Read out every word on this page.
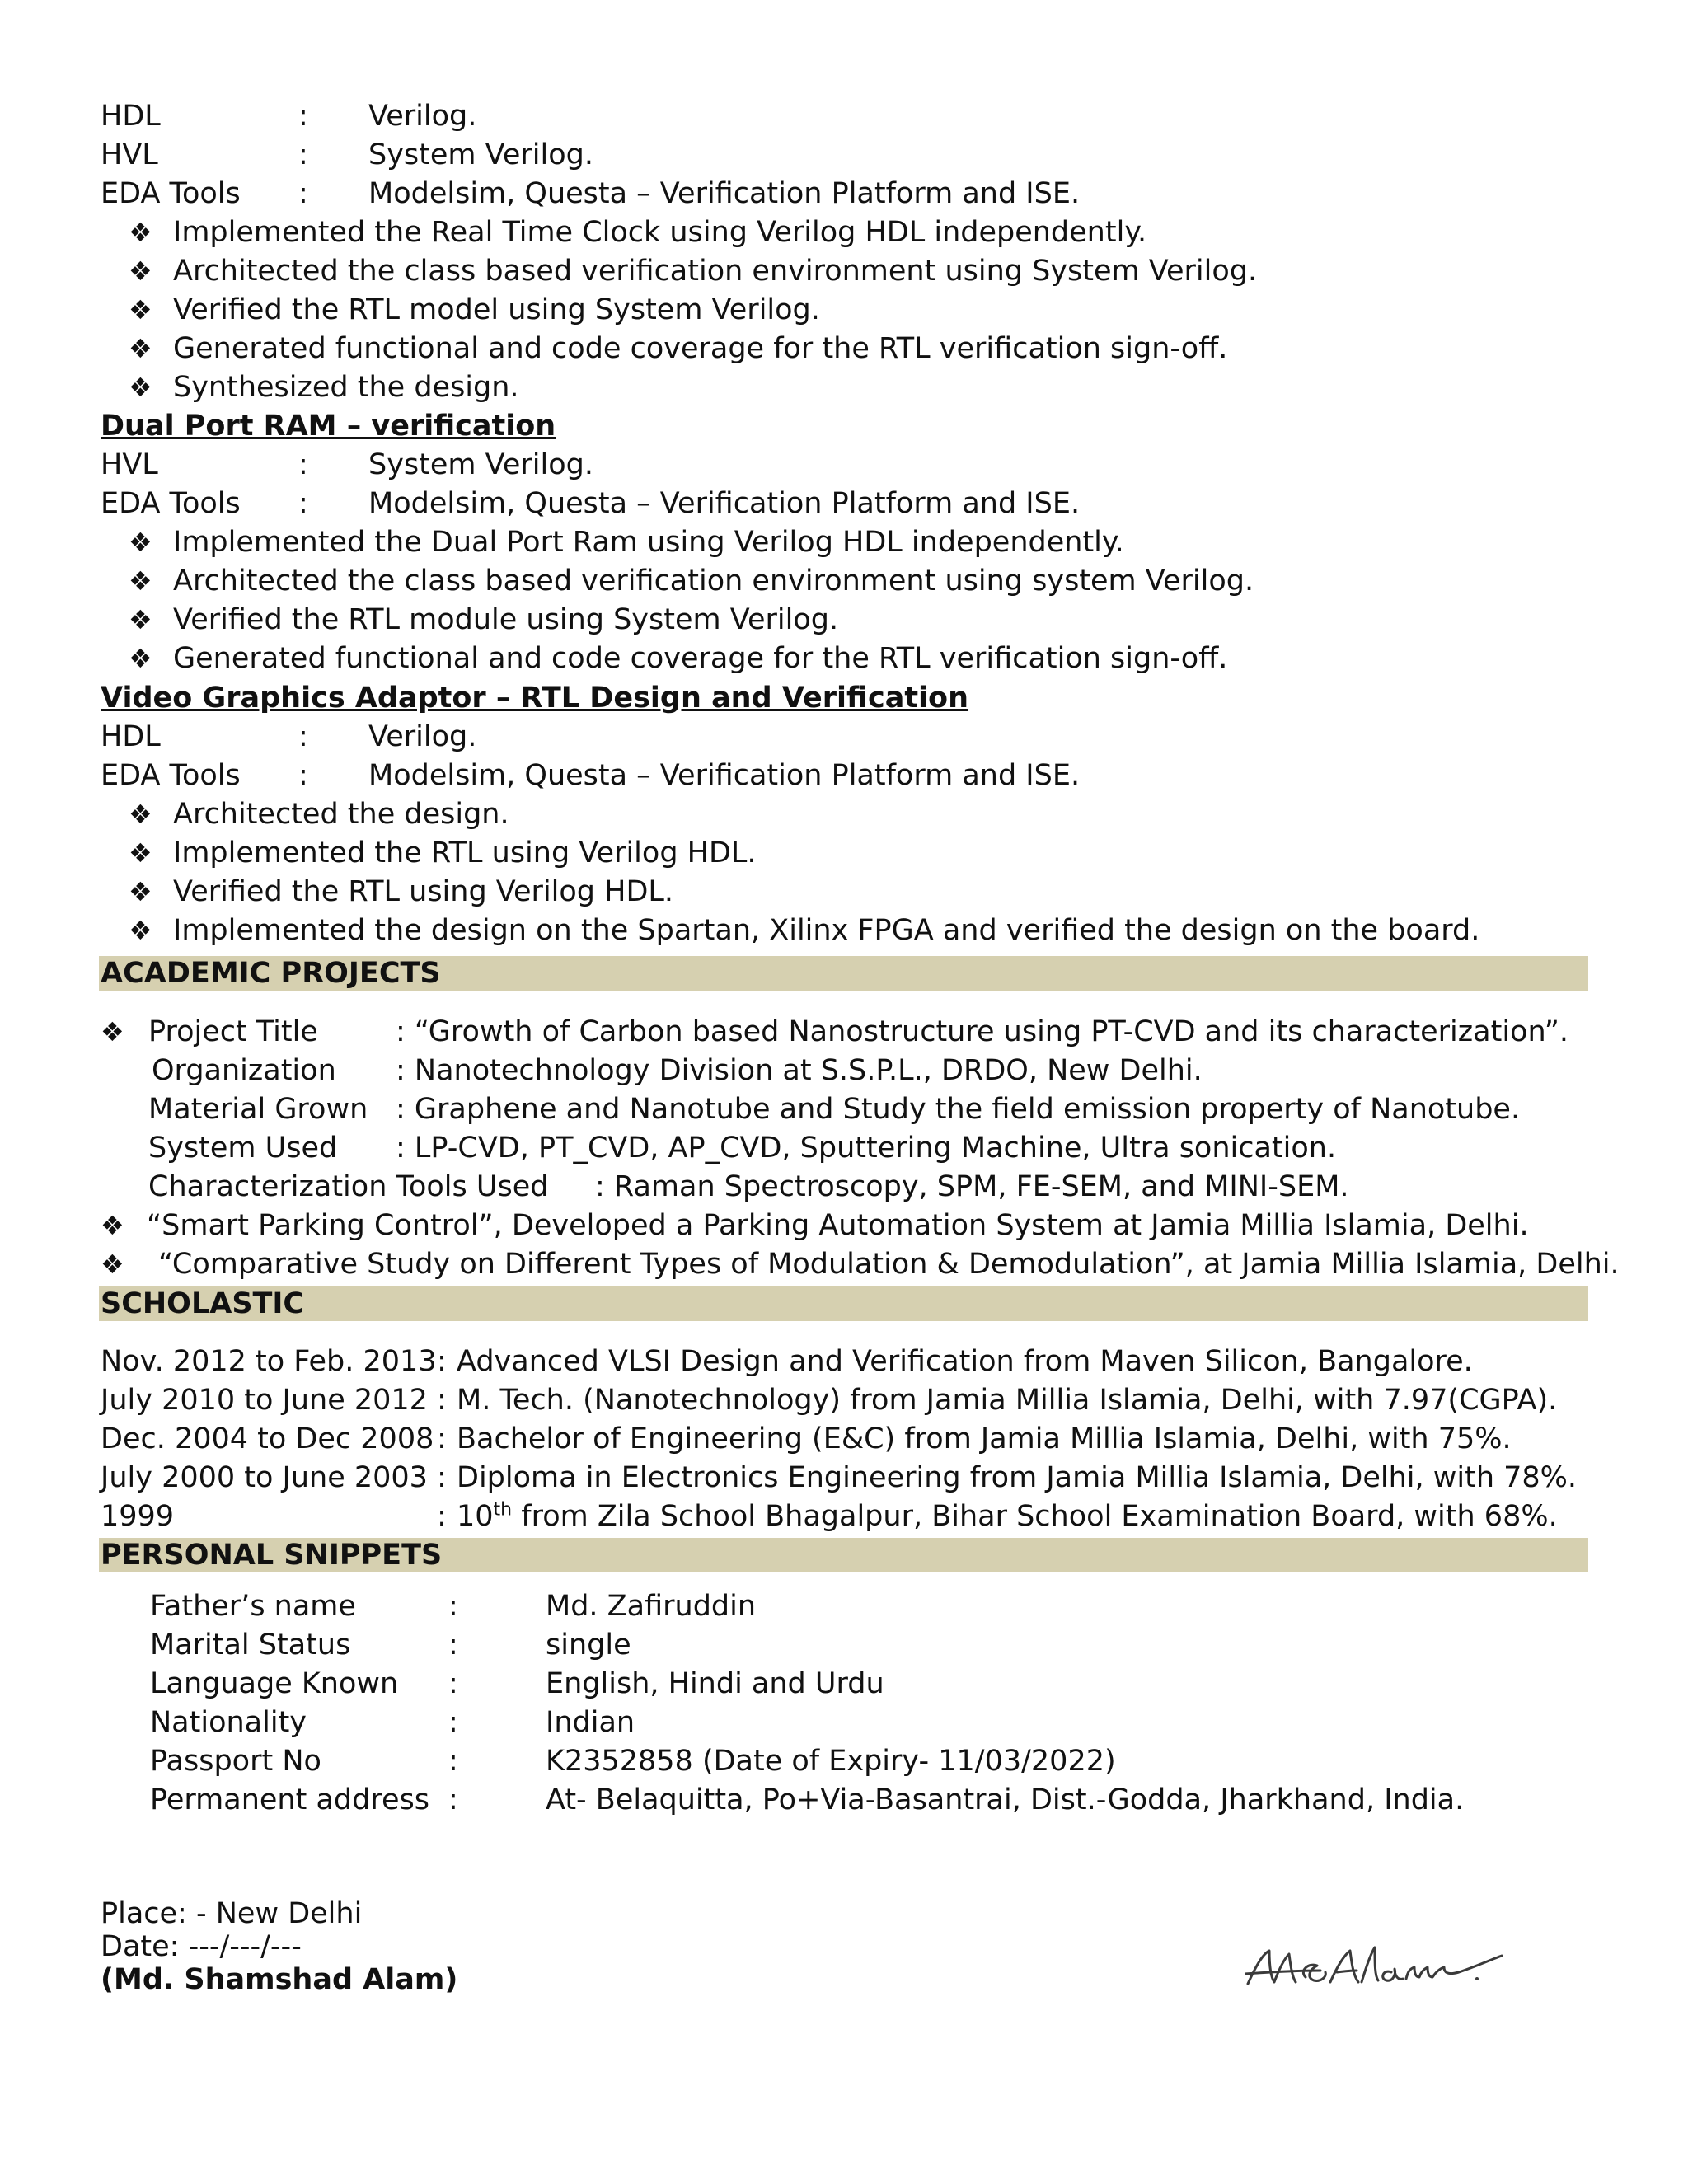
HDL	: Verilog.
HVL	: System Verilog.
EDA Tools : Modelsim, Questa – Verification Platform and ISE.
❖ Implemented the Real Time Clock using Verilog HDL independently.
❖ Architected the class based verification environment using System Verilog.
❖ Verified the RTL model using System Verilog.
❖ Generated functional and code coverage for the RTL verification sign-off.
❖ Synthesized the design.
Dual Port RAM – verification
HVL	: System Verilog.
EDA Tools : Modelsim, Questa – Verification Platform and ISE.
❖ Implemented the Dual Port Ram using Verilog HDL independently.
❖ Architected the class based verification environment using system Verilog.
❖ Verified the RTL module using System Verilog.
❖ Generated functional and code coverage for the RTL verification sign-off.
Video Graphics Adaptor – RTL Design and Verification
HDL	: Verilog.
EDA Tools : Modelsim, Questa – Verification Platform and ISE.
❖ Architected the design.
❖ Implemented the RTL using Verilog HDL.
❖ Verified the RTL using Verilog HDL.
❖ Implemented the design on the Spartan, Xilinx FPGA and verified the design on the board.
ACADEMIC PROJECTS
❖ Project Title	: “Growth of Carbon based Nanostructure using PT-CVD and its characterization”.
Organization : Nanotechnology Division at S.S.P.L., DRDO, New Delhi.
Material Grown : Graphene and Nanotube and Study the field emission property of Nanotube.
System Used : LP-CVD, PT_CVD, AP_CVD, Sputtering Machine, Ultra sonication.
Characterization Tools Used : Raman Spectroscopy, SPM, FE-SEM, and MINI-SEM.
❖ “Smart Parking Control”, Developed a Parking Automation System at Jamia Millia Islamia, Delhi.
❖ “Comparative Study on Different Types of Modulation & Demodulation”, at Jamia Millia Islamia, Delhi.
SCHOLASTIC
Nov. 2012 to Feb. 2013 : Advanced VLSI Design and Verification from Maven Silicon, Bangalore.
July 2010 to June 2012 : M. Tech. (Nanotechnology) from Jamia Millia Islamia, Delhi, with 7.97(CGPA).
Dec. 2004 to Dec 2008 : Bachelor of Engineering (E&C) from Jamia Millia Islamia, Delhi, with 75%.
July 2000 to June 2003 : Diploma in Electronics Engineering from Jamia Millia Islamia, Delhi, with 78%.
1999	: 10th from Zila School Bhagalpur, Bihar School Examination Board, with 68%.
PERSONAL SNIPPETS
Father’s name	:	Md. Zafiruddin
Marital Status	:	single
Language Known :	English, Hindi and Urdu
Nationality	:	Indian
Passport No	:	K2352858 (Date of Expiry- 11/03/2022)
Permanent address :	At- Belaquitta, Po+Via-Basantrai, Dist.-Godda, Jharkhand, India.
Place: - New Delhi
Date: ---/---/---
(Md. Shamshad Alam)
